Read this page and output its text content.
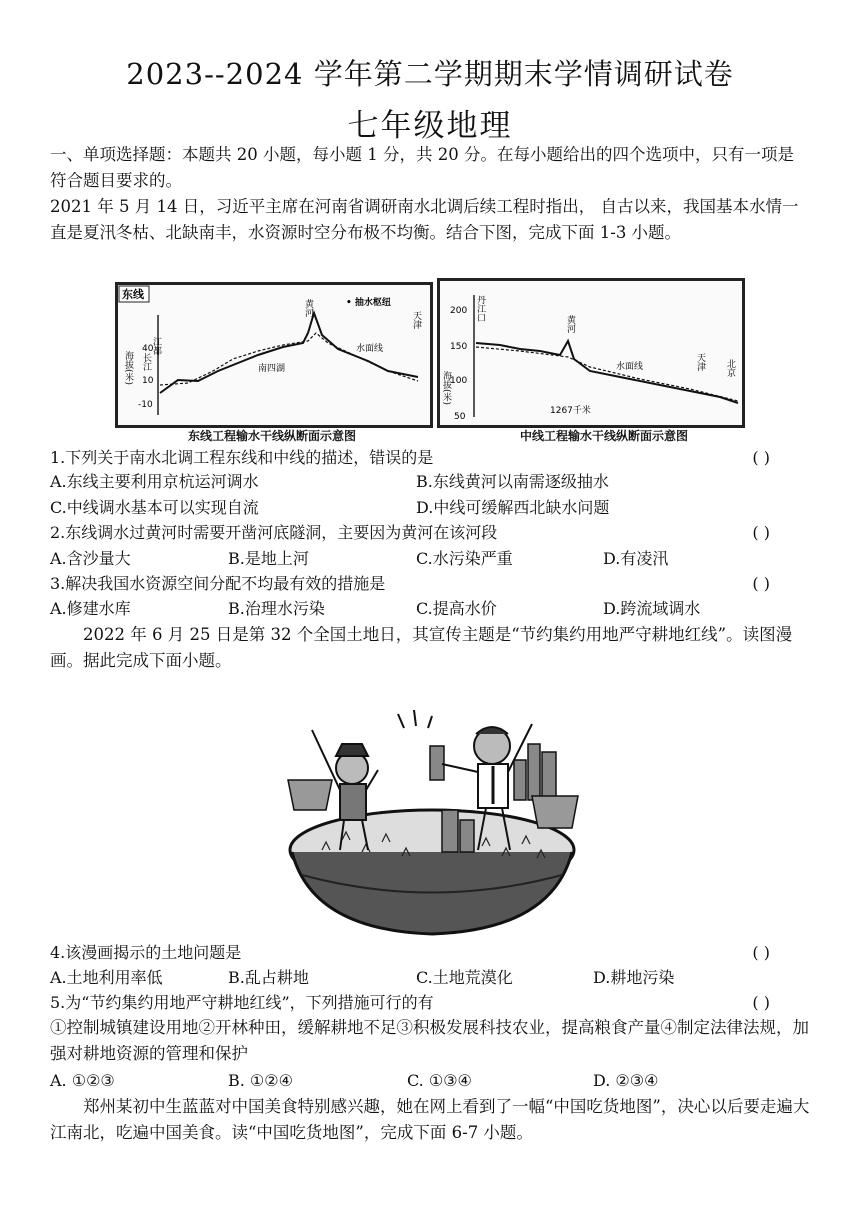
2023--2024 学年第二学期期末学情调研试卷
七年级地理
一、单项选择题：本题共 20 小题，每小题 1 分，共 20 分。在每小题给出的四个选项中，只有一项是符合题目要求的。
2021 年 5 月 14 日，习近平主席在河南省调研南水北调后续工程时指出， 自古以来，我国基本水情一直是夏汛冬枯、北缺南丰，水资源时空分布极不均衡。结合下图，完成下面 1-3 小题。
东线
• 抽水枢纽
海拔(米)
40
10
-10
江都
长江
黄河
南四湖
天津
水面线
东线工程输水干线纵断面示意图
海拔(米)
200
150
100
50
丹江口
黄河
天津 北京
水面线
1267千米
中线工程输水干线纵断面示意图
1.下列关于南水北调工程东线和中线的描述，错误的是	( )
A.东线主要利用京杭运河调水	B.东线黄河以南需逐级抽水
C.中线调水基本可以实现自流	D.中线可缓解西北缺水问题
2.东线调水过黄河时需要开凿河底隧洞，主要因为黄河在该河段	( )
A.含沙量大	B.是地上河	C.水污染严重	D.有凌汛
3.解决我国水资源空间分配不均最有效的措施是	( )
A.修建水库	B.治理水污染	C.提高水价	D.跨流域调水
2022 年 6 月 25 日是第 32 个全国土地日，其宣传主题是“节约集约用地严守耕地红线”。读图漫画。据此完成下面小题。
4.该漫画揭示的土地问题是	( )
A.土地利用率低	B.乱占耕地	C.土地荒漠化	D.耕地污染
5.为“节约集约用地严守耕地红线”，下列措施可行的有	( )
①控制城镇建设用地②开林种田，缓解耕地不足③积极发展科技农业，提高粮食产量④制定法律法规，加强对耕地资源的管理和保护
A. ①②③	B. ①②④	C. ①③④	D. ②③④
郑州某初中生蓝蓝对中国美食特别感兴趣，她在网上看到了一幅“中国吃货地图”，决心以后要走遍大江南北，吃遍中国美食。读“中国吃货地图”，完成下面 6-7 小题。
